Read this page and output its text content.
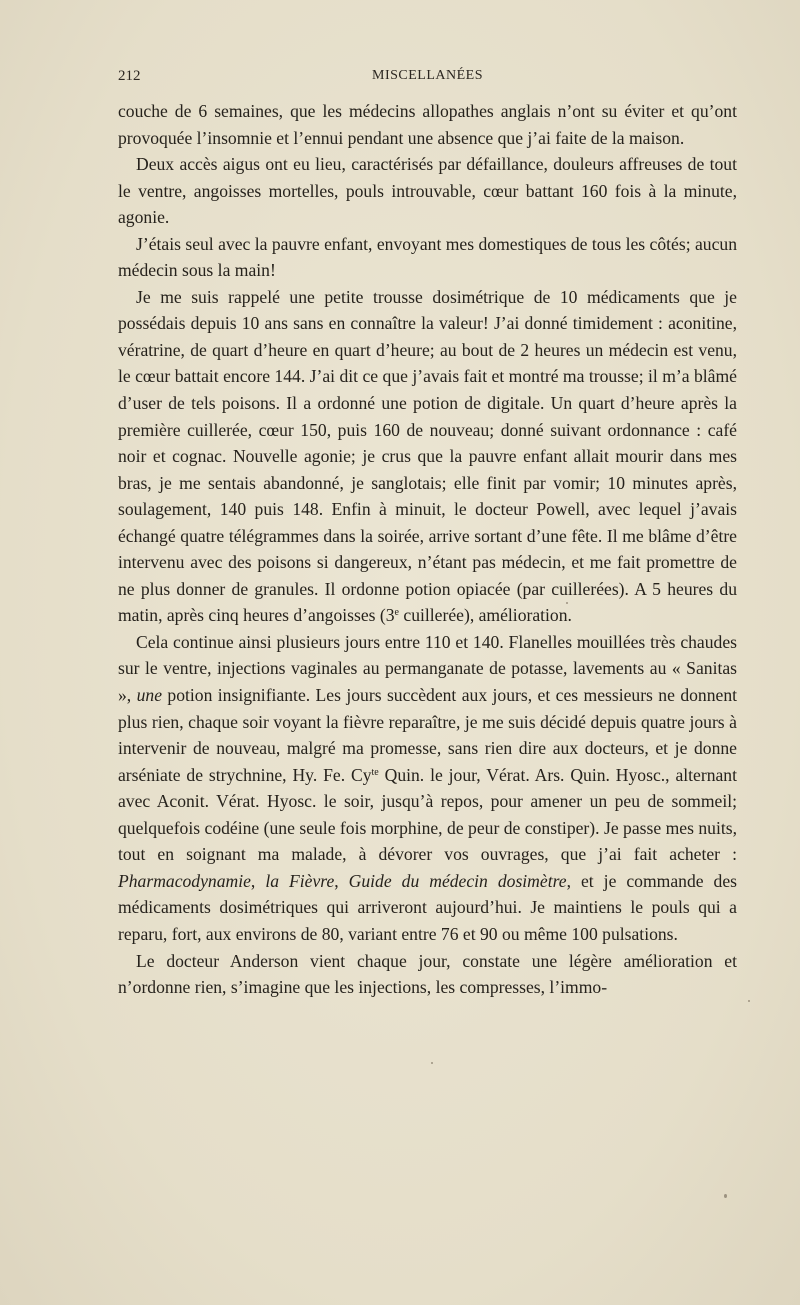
212	MISCELLANÉES

couche de 6 semaines, que les médecins allopathes anglais n’ont su éviter et qu’ont provoquée l’insomnie et l’ennui pendant une absence que j’ai faite de la maison.

Deux accès aigus ont eu lieu, caractérisés par défaillance, douleurs affreuses de tout le ventre, angoisses mortelles, pouls introuvable, cœur battant 160 fois à la minute, agonie.

J’étais seul avec la pauvre enfant, envoyant mes domestiques de tous les côtés; aucun médecin sous la main!

Je me suis rappelé une petite trousse dosimétrique de 10 médicaments que je possédais depuis 10 ans sans en connaître la valeur! J’ai donné timidement : aconitine, vératrine, de quart d’heure en quart d’heure; au bout de 2 heures un médecin est venu, le cœur battait encore 144. J’ai dit ce que j’avais fait et montré ma trousse; il m’a blâmé d’user de tels poisons. Il a ordonné une potion de digitale. Un quart d’heure après la première cuillerée, cœur 150, puis 160 de nouveau; donné suivant ordonnance : café noir et cognac. Nouvelle agonie; je crus que la pauvre enfant allait mourir dans mes bras, je me sentais abandonné, je sanglotais; elle finit par vomir; 10 minutes après, soulagement, 140 puis 148. Enfin à minuit, le docteur Powell, avec lequel j’avais échangé quatre télégrammes dans la soirée, arrive sortant d’une fête. Il me blâme d’être intervenu avec des poisons si dangereux, n’étant pas médecin, et me fait promettre de ne plus donner de granules. Il ordonne potion opiacée (par cuillerées). A 5 heures du matin, après cinq heures d’angoisses (3e cuillerée), amélioration.

Cela continue ainsi plusieurs jours entre 110 et 140. Flanelles mouillées très chaudes sur le ventre, injections vaginales au permanganate de potasse, lavements au « Sanitas », une potion insignifiante. Les jours succèdent aux jours, et ces messieurs ne donnent plus rien, chaque soir voyant la fièvre reparaître, je me suis décidé depuis quatre jours à intervenir de nouveau, malgré ma promesse, sans rien dire aux docteurs, et je donne arséniate de strychnine, Hy. Fe. $Cy^{te}$ Quin. le jour, Vérat. Ars. Quin. Hyosc., alternant avec Aconit. Vérat. Hyosc. le soir, jusqu’à repos, pour amener un peu de sommeil; quelquefois codéine (une seule fois morphine, de peur de constiper). Je passe mes nuits, tout en soignant ma malade, à dévorer vos ouvrages, que j’ai fait acheter : Pharmacodynamie, la Fièvre, Guide du médecin dosimètre, et je commande des médicaments dosimétriques qui arriveront aujourd’hui. Je maintiens le pouls qui a reparu, fort, aux environs de 80, variant entre 76 et 90 ou même 100 pulsations.

Le docteur Anderson vient chaque jour, constate une légère amélioration et n’ordonne rien, s’imagine que les injections, les compresses, l’immo-
